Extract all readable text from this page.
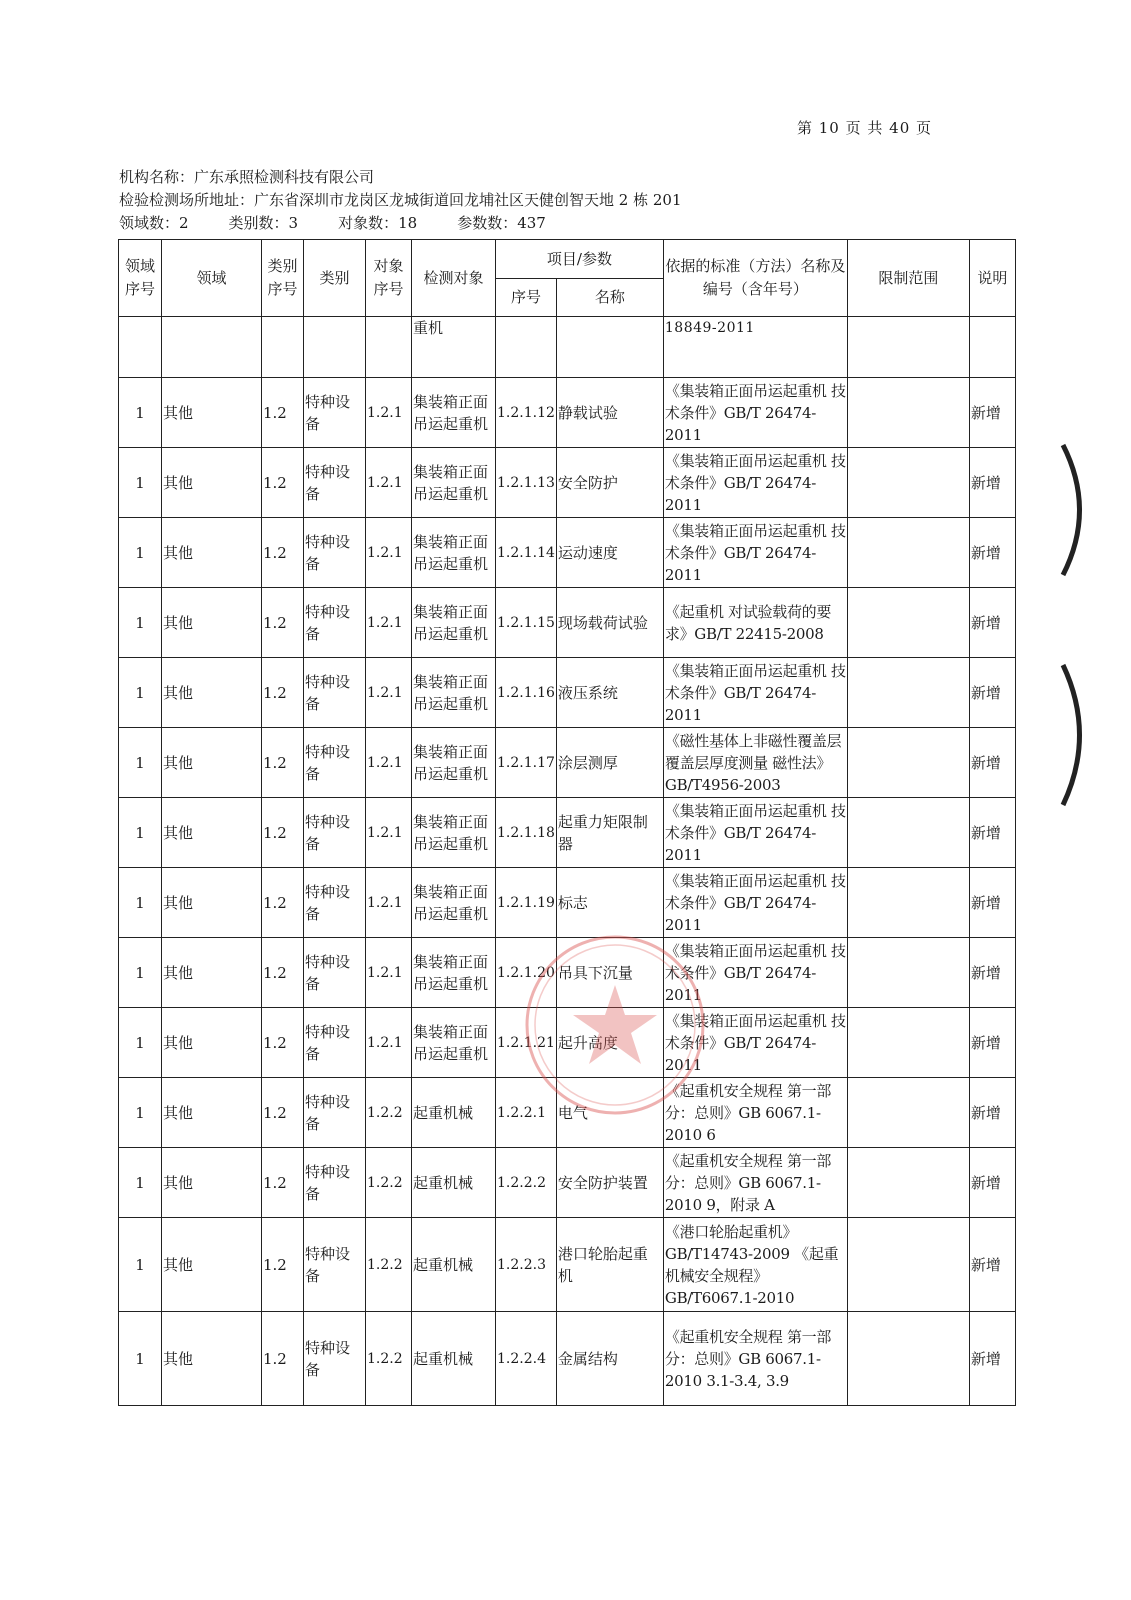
第 10 页 共 40 页
机构名称：广东承照检测科技有限公司
检验检测场所地址：广东省深圳市龙岗区龙城街道回龙埔社区天健创智天地 2 栋 201
领域数：2	类别数：3	对象数：18	参数数：437
领域序号	领域	类别序号	类别	对象序号	检测对象	项目/参数		依据的标准（方法）名称及编号（含年号）	限制范围	说明
						序号	名称			
					重机			18849-2011		
1	其他	1.2	特种设备	1.2.1	集装箱正面吊运起重机	1.2.1.12	静载试验	《集装箱正面吊运起重机 技术条件》GB/T 26474-2011		新增
1	其他	1.2	特种设备	1.2.1	集装箱正面吊运起重机	1.2.1.13	安全防护	《集装箱正面吊运起重机 技术条件》GB/T 26474-2011		新增
1	其他	1.2	特种设备	1.2.1	集装箱正面吊运起重机	1.2.1.14	运动速度	《集装箱正面吊运起重机 技术条件》GB/T 26474-2011		新增
1	其他	1.2	特种设备	1.2.1	集装箱正面吊运起重机	1.2.1.15	现场载荷试验	《起重机 对试验载荷的要求》GB/T 22415-2008		新增
1	其他	1.2	特种设备	1.2.1	集装箱正面吊运起重机	1.2.1.16	液压系统	《集装箱正面吊运起重机 技术条件》GB/T 26474-2011		新增
1	其他	1.2	特种设备	1.2.1	集装箱正面吊运起重机	1.2.1.17	涂层测厚	《磁性基体上非磁性覆盖层 覆盖层厚度测量 磁性法》GB/T4956-2003		新增
1	其他	1.2	特种设备	1.2.1	集装箱正面吊运起重机	1.2.1.18	起重力矩限制器	《集装箱正面吊运起重机 技术条件》GB/T 26474-2011		新增
1	其他	1.2	特种设备	1.2.1	集装箱正面吊运起重机	1.2.1.19	标志	《集装箱正面吊运起重机 技术条件》GB/T 26474-2011		新增
1	其他	1.2	特种设备	1.2.1	集装箱正面吊运起重机	1.2.1.20	吊具下沉量	《集装箱正面吊运起重机 技术条件》GB/T 26474-2011		新增
1	其他	1.2	特种设备	1.2.1	集装箱正面吊运起重机	1.2.1.21	起升高度	《集装箱正面吊运起重机 技术条件》GB/T 26474-2011		新增
1	其他	1.2	特种设备	1.2.2	起重机械	1.2.2.1	电气	《起重机安全规程 第一部分：总则》GB 6067.1-2010 6		新增
1	其他	1.2	特种设备	1.2.2	起重机械	1.2.2.2	安全防护装置	《起重机安全规程 第一部分：总则》GB 6067.1-2010 9，附录 A		新增
1	其他	1.2	特种设备	1.2.2	起重机械	1.2.2.3	港口轮胎起重机	《港口轮胎起重机》GB/T14743-2009 《起重机械安全规程》GB/T6067.1-2010		新增
1	其他	1.2	特种设备	1.2.2	起重机械	1.2.2.4	金属结构	《起重机安全规程 第一部分：总则》GB 6067.1-2010 3.1-3.4, 3.9		新增
